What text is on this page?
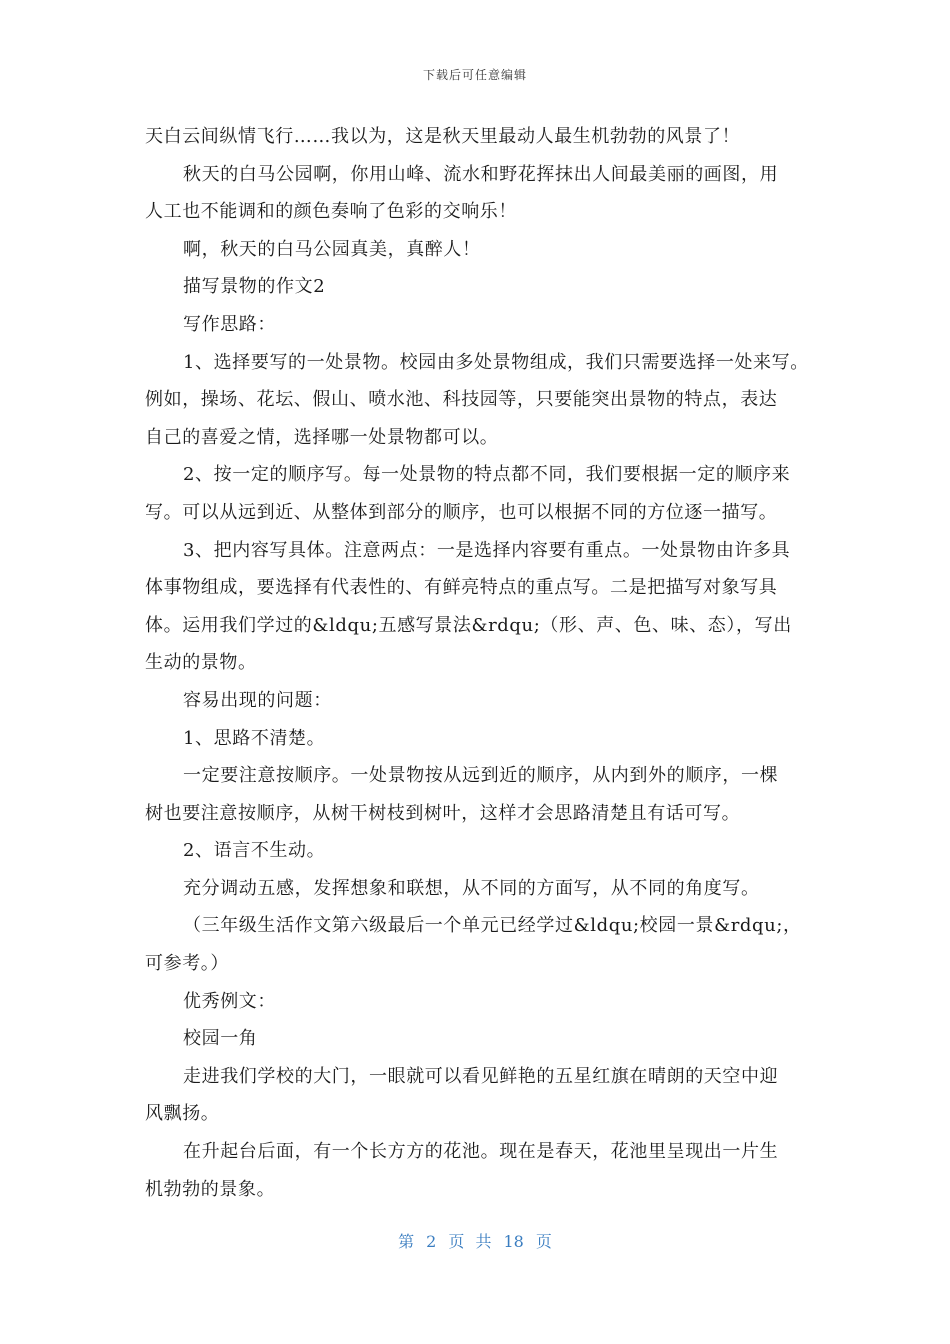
下载后可任意编辑
天白云间纵情飞行……我以为，这是秋天里最动人最生机勃勃的风景了！
秋天的白马公园啊，你用山峰、流水和野花挥抹出人间最美丽的画图，用
人工也不能调和的颜色奏响了色彩的交响乐！
啊，秋天的白马公园真美，真醉人！
描写景物的作文2
写作思路：
1、选择要写的一处景物。校园由多处景物组成，我们只需要选择一处来写。
例如，操场、花坛、假山、喷水池、科技园等，只要能突出景物的特点，表达
自己的喜爱之情，选择哪一处景物都可以。
2、按一定的顺序写。每一处景物的特点都不同，我们要根据一定的顺序来
写。可以从远到近、从整体到部分的顺序，也可以根据不同的方位逐一描写。
3、把内容写具体。注意两点：一是选择内容要有重点。一处景物由许多具
体事物组成，要选择有代表性的、有鲜亮特点的重点写。二是把描写对象写具
体。运用我们学过的&ldqu;五感写景法&rdqu;（形、声、色、味、态），写出
生动的景物。
容易出现的问题：
1、思路不清楚。
一定要注意按顺序。一处景物按从远到近的顺序，从内到外的顺序，一棵
树也要注意按顺序，从树干树枝到树叶，这样才会思路清楚且有话可写。
2、语言不生动。
充分调动五感，发挥想象和联想，从不同的方面写，从不同的角度写。
（三年级生活作文第六级最后一个单元已经学过&ldqu;校园一景&rdqu;，
可参考。）
优秀例文：
校园一角
走进我们学校的大门，一眼就可以看见鲜艳的五星红旗在晴朗的天空中迎
风飘扬。
在升起台后面，有一个长方方的花池。现在是春天，花池里呈现出一片生
机勃勃的景象。
第 2 页 共 18 页
